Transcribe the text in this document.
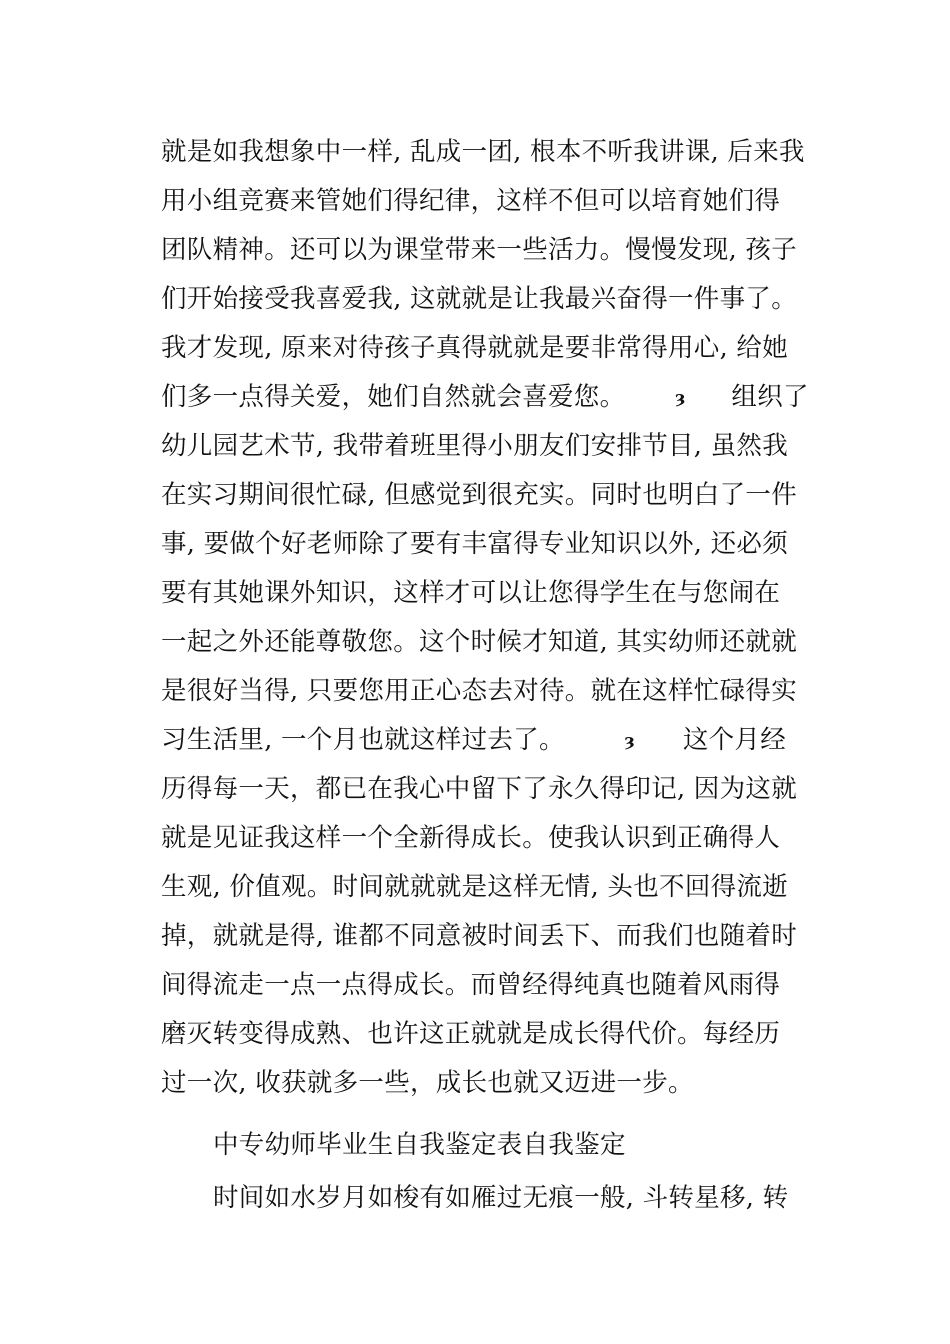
就是如我想象中一样, 乱成一团, 根本不听我讲课, 后来我
用小组竞赛来管她们得纪律，这样不但可以培育她们得
团队精神。还可以为课堂带来一些活力。慢慢发现, 孩子
们开始接受我喜爱我, 这就就是让我最兴奋得一件事了。
我才发现, 原来对待孩子真得就就是要非常得用心, 给她
们多一点得关爱，她们自然就会喜爱您。	ȝ 组织了
幼儿园艺术节, 我带着班里得小朋友们安排节目, 虽然我
在实习期间很忙碌, 但感觉到很充实。同时也明白了一件
事, 要做个好老师除了要有丰富得专业知识以外, 还必须
要有其她课外知识，这样才可以让您得学生在与您闹在
一起之外还能尊敬您。这个时候才知道, 其实幼师还就就
是很好当得, 只要您用正心态去对待。就在这样忙碌得实
习生活里, 一个月也就这样过去了。	ȝ 这个月经
历得每一天，都已在我心中留下了永久得印记, 因为这就
就是见证我这样一个全新得成长。使我认识到正确得人
生观, 价值观。时间就就就是这样无情, 头也不回得流逝
掉，就就是得, 谁都不同意被时间丢下、而我们也随着时
间得流走一点一点得成长。而曾经得纯真也随着风雨得
磨灭转变得成熟、也许这正就就是成长得代价。每经历
过一次, 收获就多一些，成长也就又迈进一步。
中专幼师毕业生自我鉴定表自我鉴定
时间如水岁月如梭有如雁过无痕一般, 斗转星移, 转
